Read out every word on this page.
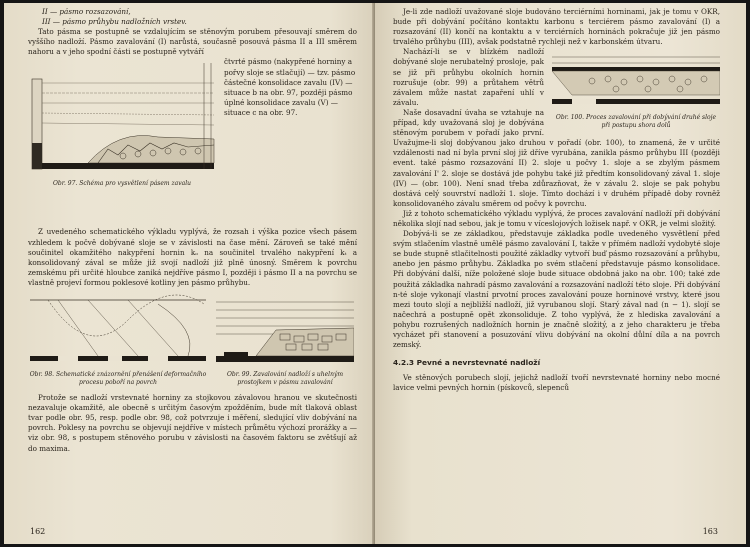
II — pásmo rozsazování,

III — pásmo průhybu nadložních vrstev.

Tato pásma se postupně se vzdalujícím se stěnovým porubem přesouvají směrem do vyššího nadloží. Pásmo zavalování (I) narůstá, současně posouvá pásma II a III směrem nahoru a v jeho spodní části se postupně vytváří

Obr. 97. Schéma pro vysvětlení pásem zavalu

čtvrté pásmo (nakypřené horniny a pořvy sloje se stlačují) — tzv. pásmo částečné konsolidace zavalu (IV) — situace b na obr. 97, později pásmo úplné konsolidace zavalu (V) — situace c na obr. 97.

Z uvedeného schematického výkladu vyplývá, že rozsah i výška pozice všech pásem vzhledem k počvě dobývané sloje se v závislosti na čase mění. Zároveň se také mění součinitel okamžitého nakypření hornin kₒ na součinitel trvalého nakypření kₜ a konsolidovaný zával se může již svojí nadloží již plně únosný. Směrem k povrchu zemskému při určité hloubce zaniká nejdříve pásmo I, později i pásmo II a na povrchu se vlastně projeví formou poklesové kotliny jen pásmo průhybu.

Obr. 98. Schematické znázornění přenášení deformačního procesu poboří na povrch
Obr. 99. Zavalování nadloží s uhelným prostojkem v pásmu zavalování

Protože se nadloží vrstevnaté horniny za stojkovou závalovou hranou ve skutečnosti nezavaluje okamžitě, ale obecně s určitým časovým zpožděním, bude mít tlaková oblast tvar podle obr. 95, resp. podle obr. 98, což potvrzuje i měření, sledující vliv dobývání na povrch. Poklesy na povrchu se objevují nejdříve v místech průmětu výchozí prorážky a — viz obr. 98, s postupem stěnového porubu v závislosti na časovém faktoru se zvětšují až do maxima.

162

Je-li zde nadloží uvažované sloje budováno terciérními horninami, jak je tomu v OKR, bude při dobývání počítáno kontaktu karbonu s terciérem pásmo zavalování (I) a rozsazování (II) končí na kontaktu a v terciérních horninách pokračuje již jen pásmo trvalého průhybu (III), avšak podstatně rychleji než v karbonském útvaru.

Obr. 100. Proces zavalování při dobývání druhé sloje při postupu shora dolů

Nachází-li se v blízkém nadloží dobývané sloje nerubatelný prosloje, pak se již při průhybu okolních hornin rozrušuje (obr. 99) a průtahem větrů závalem může nastat zapaření uhlí v závalu.

Naše dosavadní úvaha se vztahuje na případ, kdy uvažovaná sloj je dobývána stěnovým porubem v pořadí jako první. Uvažujme-li sloj dobývanou jako druhou v pořadí (obr. 100), to znamená, že v určité vzdálenosti nad ní byla první sloj již dříve vyrubána, zanikla pásmo průhybu III (později event. také pásmo rozsazování II) 2. sloje u počvy 1. sloje a se zbylým pásmem zavalování I' 2. sloje se dostává jde pohybu také již předtím konsolidovaný zával 1. sloje (IV) — (obr. 100). Není snad třeba zdůrazňovat, že v závalu 2. sloje se pak pohybu dostává celý souvrství nadloží 1. sloje. Tímto dochází i v druhém případě doby rovněž konsolidovaného závalu směrem od počvy k povrchu.

Již z tohoto schematického výkladu vyplývá, že proces zavalování nadloží při dobývání několika slojí nad sebou, jak je tomu v víceslojových ložisek např. v OKR, je velmi složitý.

Dobývá-li se ze základkou, představuje základka podle uvedeného vysvětlení před svým stlačením vlastně umělé pásmo zavalování I, takže v přímém nadloží vydobyté sloje se bude stupně stlačitelnosti použité základky vytvoří buď pásmo rozsazování a průhybu, anebo jen pásmo průhybu. Základka po svém stlačení představuje pásmo konsolidace. Při dobývání další, níže položené sloje bude situace obdobná jako na obr. 100; také zde použitá základka nahradí pásmo zavalování a rozsazování nadloží této sloje. Při dobývání n-té sloje vykonají vlastní prvotní proces zavalování pouze horninové vrstvy, které jsou mezi touto slojí a nejbližší nadloží, již vyrubanou slojí. Starý zával nad (n − 1). slojí se načechrá a postupně opět zkonsoliduje. Z toho vyplývá, že z hlediska zavalování a pohybu rozrušených nadložních hornin je značně složitý, a z jeho charakteru je třeba vycházet při stanovení a posuzování vlivu dobývání na okolní důlní díla a na povrch zemský.

4.2.3 Pevné a nevrstevnaté nadloží

Ve stěnových porubech slojí, jejichž nadloží tvoří nevrstevnaté horniny nebo mocné lavice velmi pevných hornin (pískovců, slepenců

163
